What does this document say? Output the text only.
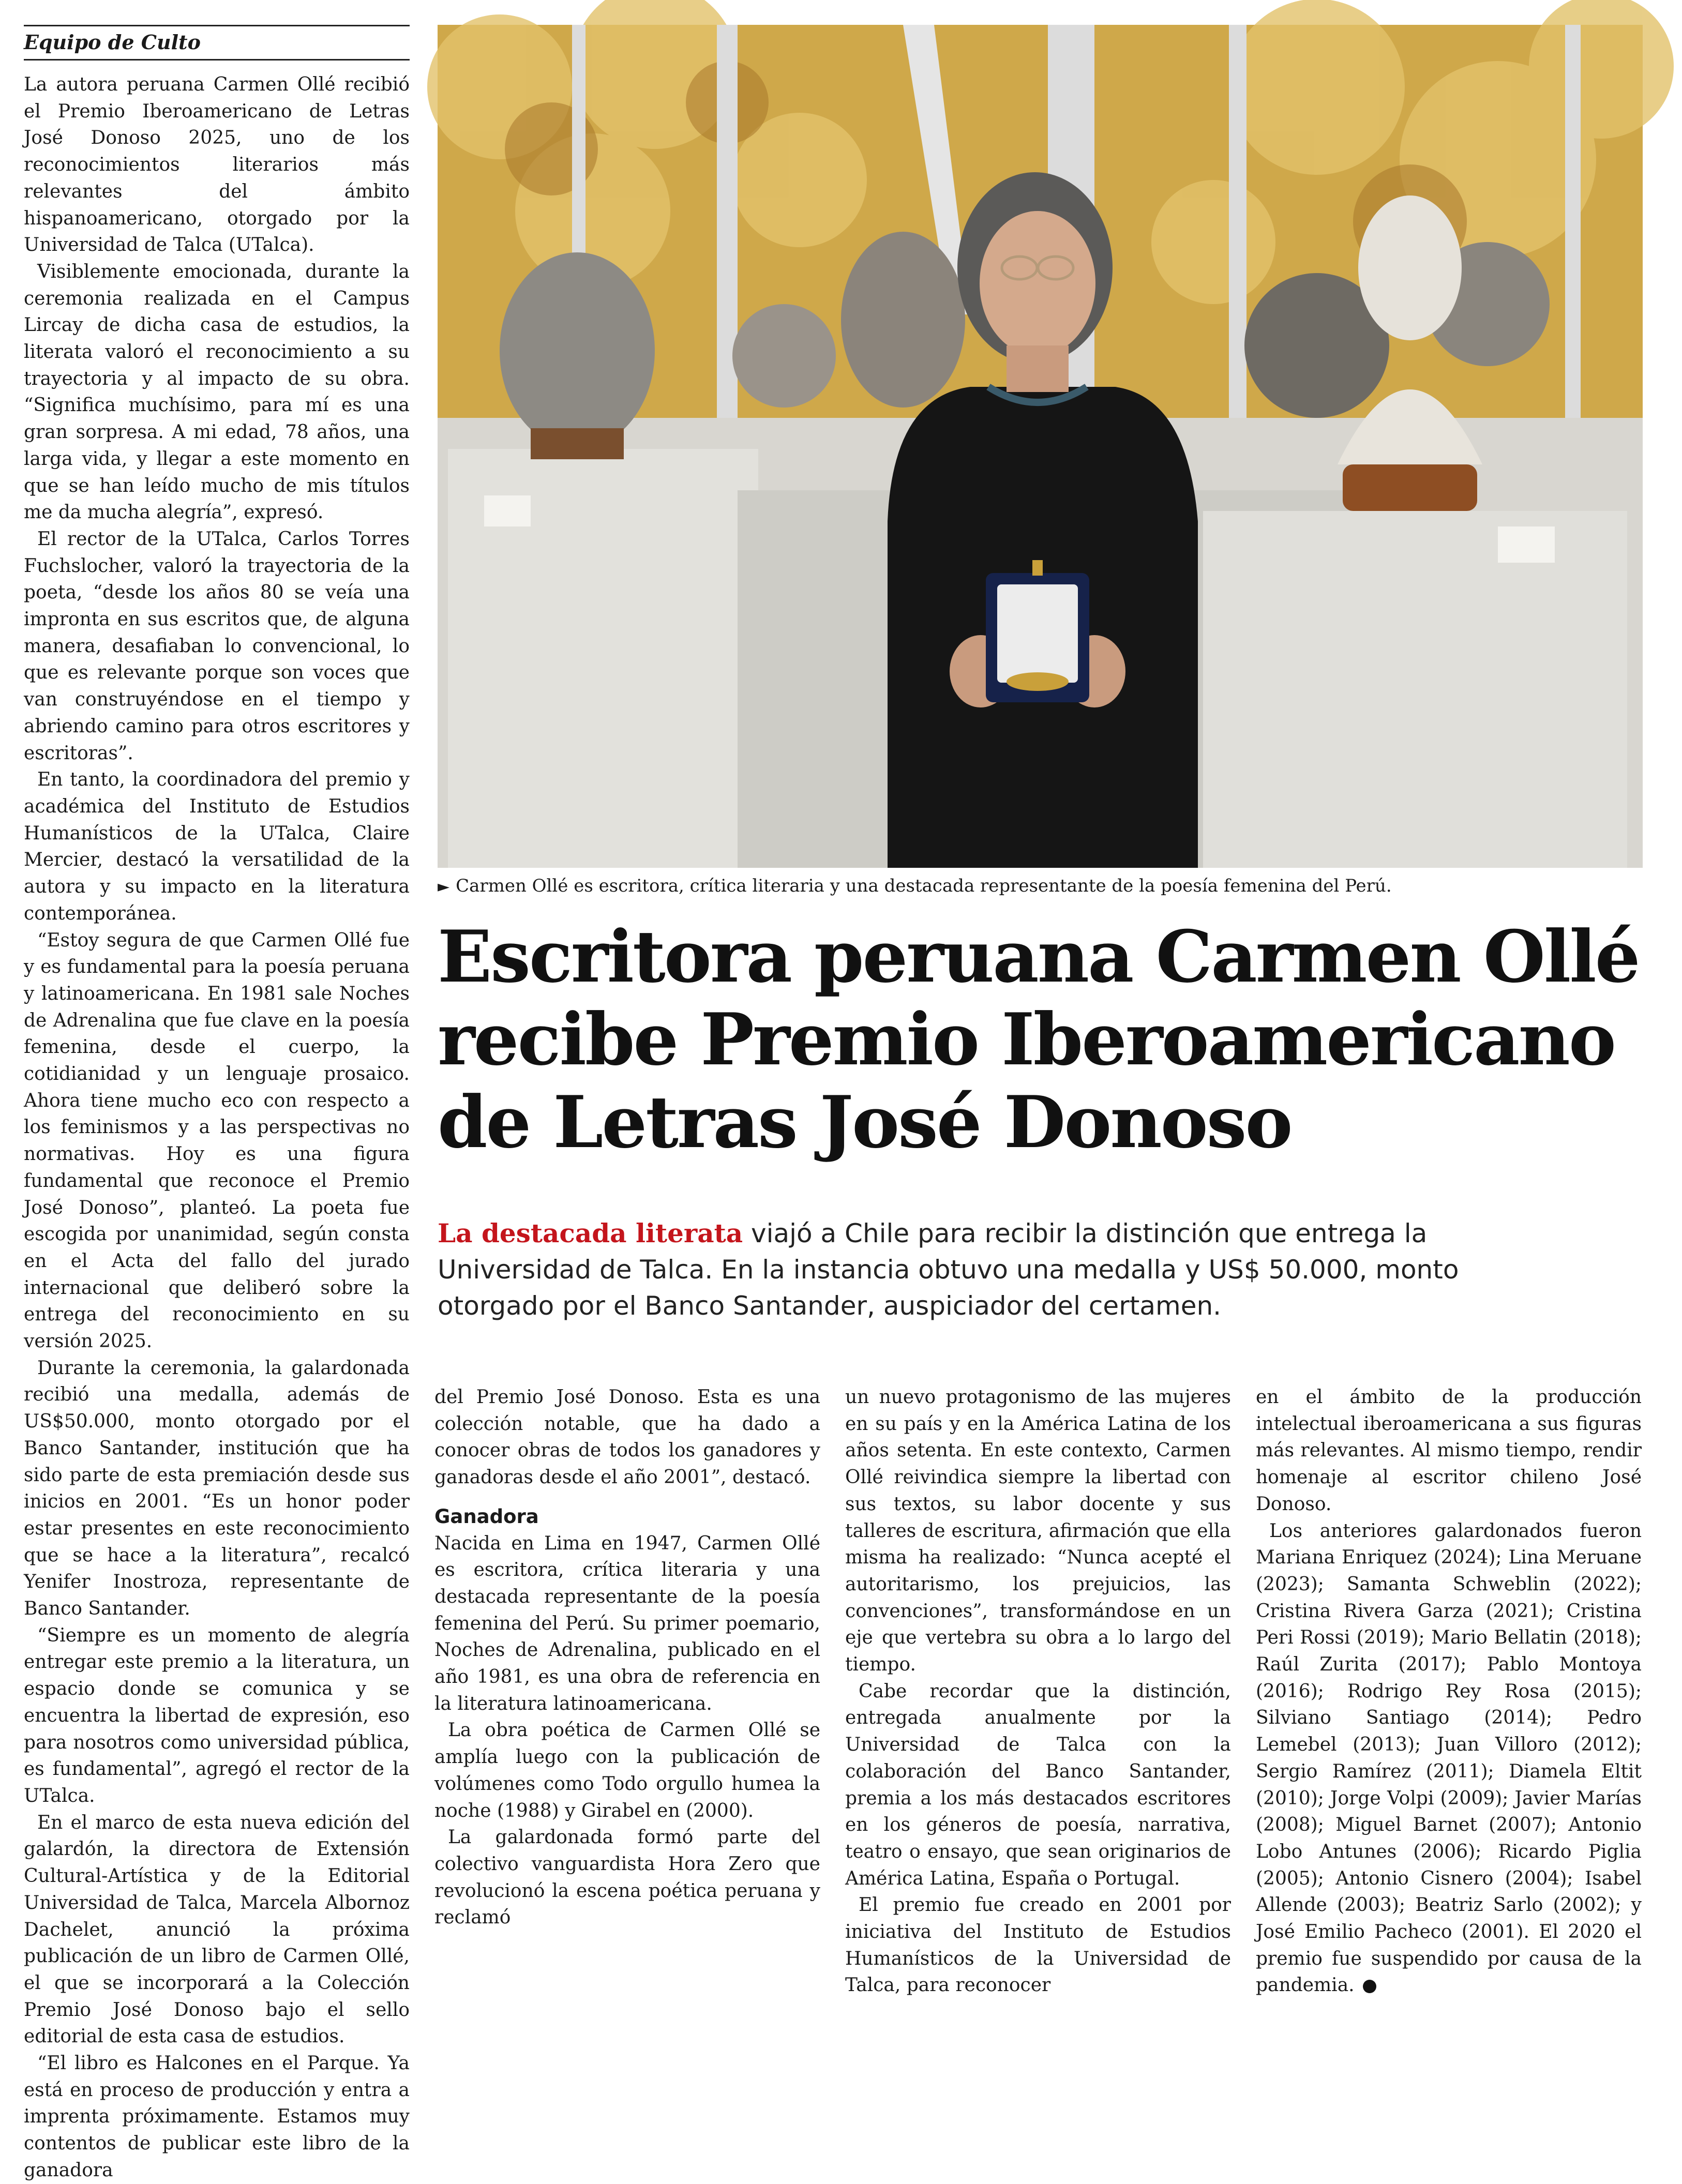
Equipo de Culto

La autora peruana Carmen Ollé recibió el Premio Iberoamericano de Letras José Donoso 2025, uno de los reconocimientos literarios más relevantes del ámbito hispanoamericano, otorgado por la Universidad de Talca (UTalca).

Visiblemente emocionada, durante la ceremonia realizada en el Campus Lircay de dicha casa de estudios, la literata valoró el reconocimiento a su trayectoria y al impacto de su obra. “Significa muchísimo, para mí es una gran sorpresa. A mi edad, 78 años, una larga vida, y llegar a este momento en que se han leído mucho de mis títulos me da mucha alegría”, expresó.

El rector de la UTalca, Carlos Torres Fuchslocher, valoró la trayectoria de la poeta, “desde los años 80 se veía una impronta en sus escritos que, de alguna manera, desafiaban lo convencional, lo que es relevante porque son voces que van construyéndose en el tiempo y abriendo camino para otros escritores y escritoras”.

En tanto, la coordinadora del premio y académica del Instituto de Estudios Humanísticos de la UTalca, Claire Mercier, destacó la versatilidad de la autora y su impacto en la literatura contemporánea.

“Estoy segura de que Carmen Ollé fue y es fundamental para la poesía peruana y latinoamericana. En 1981 sale Noches de Adrenalina que fue clave en la poesía femenina, desde el cuerpo, la cotidianidad y un lenguaje prosaico. Ahora tiene mucho eco con respecto a los feminismos y a las perspectivas no normativas. Hoy es una figura fundamental que reconoce el Premio José Donoso”, planteó. La poeta fue escogida por unanimidad, según consta en el Acta del fallo del jurado internacional que deliberó sobre la entrega del reconocimiento en su versión 2025.

Durante la ceremonia, la galardonada recibió una medalla, además de US$50.000, monto otorgado por el Banco Santander, institución que ha sido parte de esta premiación desde sus inicios en 2001. “Es un honor poder estar presentes en este reconocimiento que se hace a la literatura”, recalcó Yenifer Inostroza, representante de Banco Santander.

“Siempre es un momento de alegría entregar este premio a la literatura, un espacio donde se comunica y se encuentra la libertad de expresión, eso para nosotros como universidad pública, es fundamental”, agregó el rector de la UTalca.

En el marco de esta nueva edición del galardón, la directora de Extensión Cultural-Artística y de la Editorial Universidad de Talca, Marcela Albornoz Dachelet, anunció la próxima publicación de un libro de Carmen Ollé, el que se incorporará a la Colección Premio José Donoso bajo el sello editorial de esta casa de estudios.

“El libro es Halcones en el Parque. Ya está en proceso de producción y entra a imprenta próximamente. Estamos muy contentos de publicar este libro de la ganadora

► Carmen Ollé es escritora, crítica literaria y una destacada representante de la poesía femenina del Perú.
Escritora peruana Carmen Ollé recibe Premio Iberoamericano de Letras José Donoso

La destacada literata viajó a Chile para recibir la distinción que entrega la Universidad de Talca. En la instancia obtuvo una medalla y US$ 50.000, monto otorgado por el Banco Santander, auspiciador del certamen.

del Premio José Donoso. Esta es una colección notable, que ha dado a conocer obras de todos los ganadores y ganadoras desde el año 2001”, destacó.

Ganadora

Nacida en Lima en 1947, Carmen Ollé es escritora, crítica literaria y una destacada representante de la poesía femenina del Perú. Su primer poemario, Noches de Adrenalina, publicado en el año 1981, es una obra de referencia en la literatura latinoamericana.

La obra poética de Carmen Ollé se amplía luego con la publicación de volúmenes como Todo orgullo humea la noche (1988) y Girabel en (2000).

La galardonada formó parte del colectivo vanguardista Hora Zero que revolucionó la escena poética peruana y reclamó

un nuevo protagonismo de las mujeres en su país y en la América Latina de los años setenta. En este contexto, Carmen Ollé reivindica siempre la libertad con sus textos, su labor docente y sus talleres de escritura, afirmación que ella misma ha realizado: “Nunca acepté el autoritarismo, los prejuicios, las convenciones”, transformándose en un eje que vertebra su obra a lo largo del tiempo.

Cabe recordar que la distinción, entregada anualmente por la Universidad de Talca con la colaboración del Banco Santander, premia a los más destacados escritores en los géneros de poesía, narrativa, teatro o ensayo, que sean originarios de América Latina, España o Portugal.

El premio fue creado en 2001 por iniciativa del Instituto de Estudios Humanísticos de la Universidad de Talca, para reconocer

en el ámbito de la producción intelectual iberoamericana a sus figuras más relevantes. Al mismo tiempo, rendir homenaje al escritor chileno José Donoso.

Los anteriores galardonados fueron Mariana Enriquez (2024); Lina Meruane (2023); Samanta Schweblin (2022); Cristina Rivera Garza (2021); Cristina Peri Rossi (2019); Mario Bellatin (2018); Raúl Zurita (2017); Pablo Montoya (2016); Rodrigo Rey Rosa (2015); Silviano Santiago (2014); Pedro Lemebel (2013); Juan Villoro (2012); Sergio Ramírez (2011); Diamela Eltit (2010); Jorge Volpi (2009); Javier Marías (2008); Miguel Barnet (2007); Antonio Lobo Antunes (2006); Ricardo Piglia (2005); Antonio Cisnero (2004); Isabel Allende (2003); Beatriz Sarlo (2002); y José Emilio Pacheco (2001). El 2020 el premio fue suspendido por causa de la pandemia.
